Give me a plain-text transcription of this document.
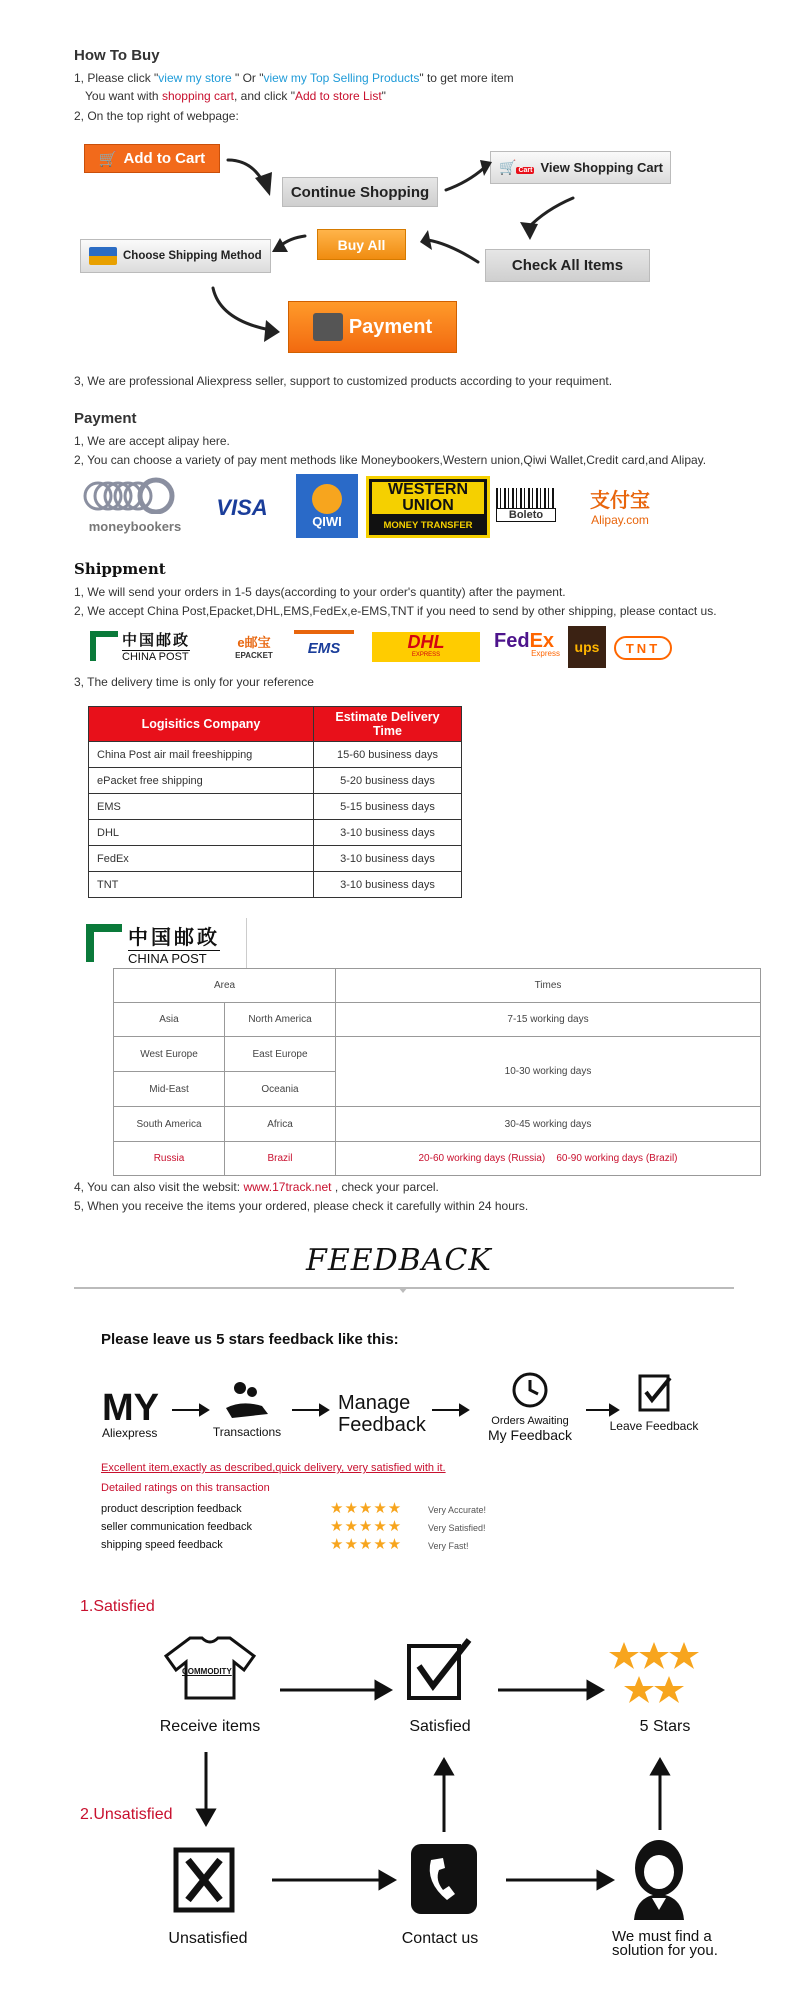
How To Buy
1, Please click "view my store " Or "view my Top Selling Products" to get more item
You want with shopping cart, and click "Add to store List"
2, On the top right of webpage:
🛒 Add to Cart
Continue Shopping
🛒 Cart View Shopping Cart
Check All Items
Buy All
Choose Shipping Method
Payment
3, We are professional Aliexpress seller, support to customized products according to your requiment.
Payment
1, We are accept alipay here.
2, You can choose a variety of pay ment methods like Moneybookers,Western union,Qiwi Wallet,Credit card,and Alipay.
moneybookers
VISA
QIWI
WESTERN
UNION
MONEY TRANSFER
Boleto
支付宝
Alipay.com
Shippment
1, We will send your orders in 1-5 days(according to your order's quantity) after the payment.
2, We accept China Post,Epacket,DHL,EMS,FedEx,e-EMS,TNT if you need to send by other shipping, please contact us.
中国邮政
CHINA POST
e邮宝
EPACKET	EMS	DHL
EXPRESS
FedEx
Express	ups	TNT
3, The delivery time is only for your reference
Logisitics Company	Estimate Delivery Time
China Post air mail freeshipping	15-60 business days
ePacket free shipping	5-20 business days
EMS	5-15 business days
DHL	3-10 business days
FedEx	3-10 business days
TNT	3-10 business days
中国邮政
CHINA POST
Area		Times
Asia	North America	7-15 working days
West Europe	East Europe	10-30 working days
Mid-East	Oceania	
South America	Africa	30-45 working days
Russia	Brazil	20-60 working days (Russia)    60-90 working days (Brazil)
4, You can also visit the websit: www.17track.net , check your parcel.
5, When you receive the items your ordered, please check it carefully within 24 hours.
FEEDBACK
Please leave us 5 stars feedback like this:
MY
Aliexpress	Transactions
Manage
Feedback	Orders Awaiting
My Feedback
Leave Feedback
Excellent item,exactly as described,quick delivery, very satisfied with it.
Detailed ratings on this transaction
product description feedback	★★★★★	Very Accurate!
seller communication feedback	★★★★★	Very Satisfied!
shipping speed feedback	★★★★★	Very Fast!
1.Satisfied
2.Unsatisfied
COMMODITY
Receive items	Satisfied	5 Stars
Unsatisfied	Contact us	We must find a solution for you.
